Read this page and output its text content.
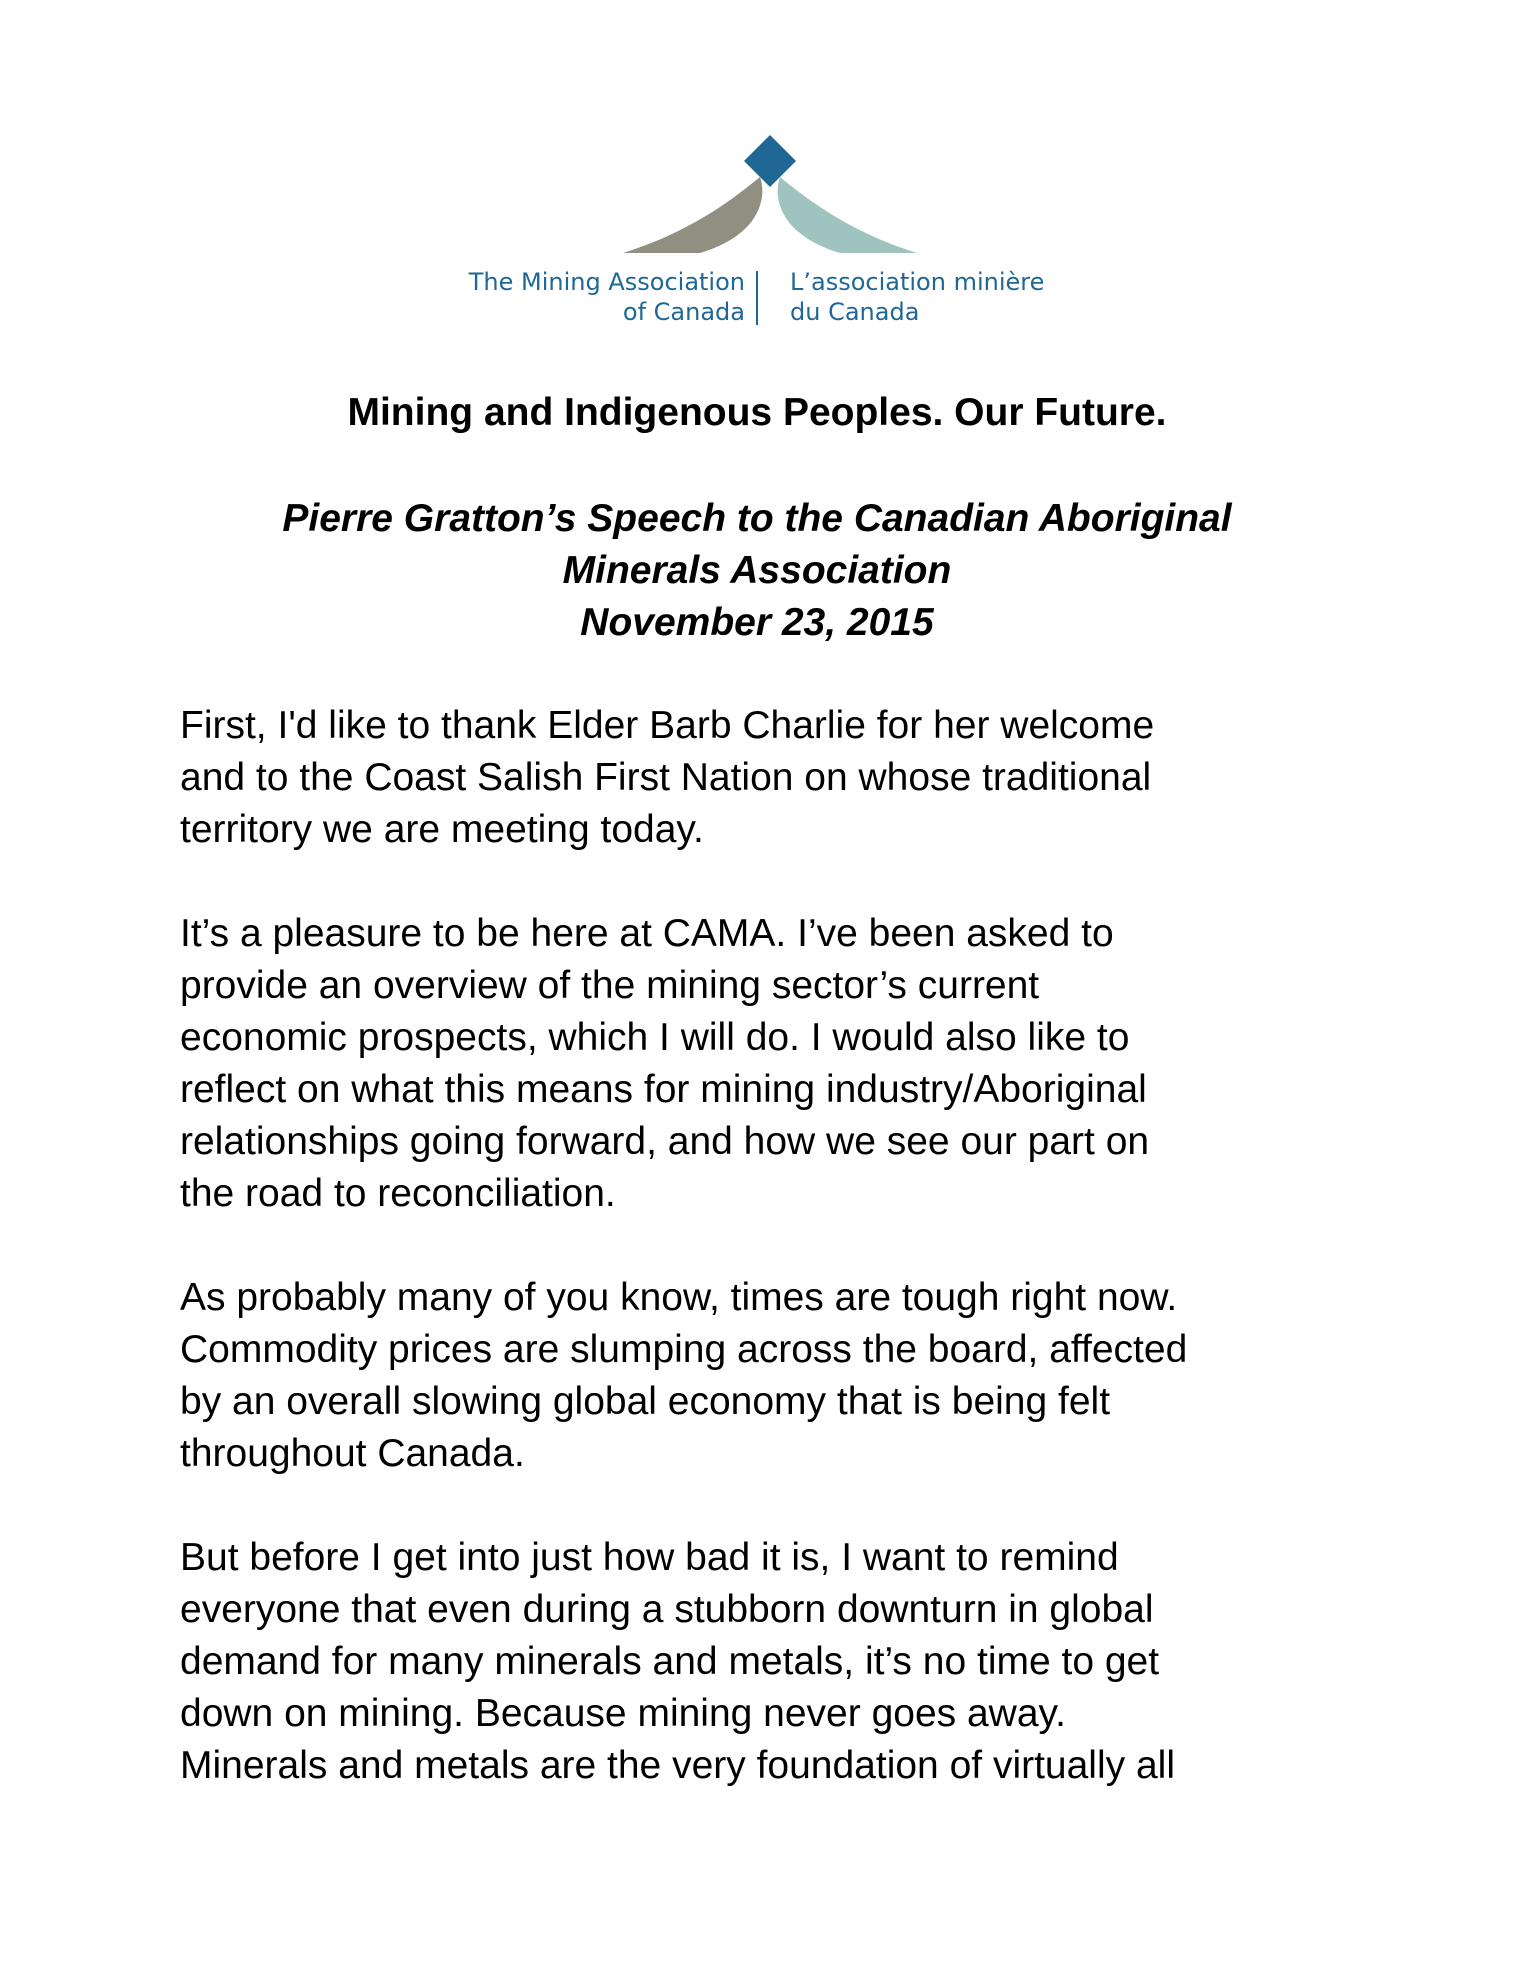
The Mining Association
of Canada
L’association minière
du Canada
Mining and Indigenous Peoples. Our Future.
Pierre Gratton’s Speech to the Canadian Aboriginal
Minerals Association
November 23, 2015

First, I'd like to thank Elder Barb Charlie for her welcome
and to the Coast Salish First Nation on whose traditional
territory we are meeting today.

It’s a pleasure to be here at CAMA. I’ve been asked to
provide an overview of the mining sector’s current
economic prospects, which I will do. I would also like to
reflect on what this means for mining industry/Aboriginal
relationships going forward, and how we see our part on
the road to reconciliation.

As probably many of you know, times are tough right now.
Commodity prices are slumping across the board, affected
by an overall slowing global economy that is being felt
throughout Canada.

But before I get into just how bad it is, I want to remind
everyone that even during a stubborn downturn in global
demand for many minerals and metals, it’s no time to get
down on mining. Because mining never goes away.
Minerals and metals are the very foundation of virtually all
